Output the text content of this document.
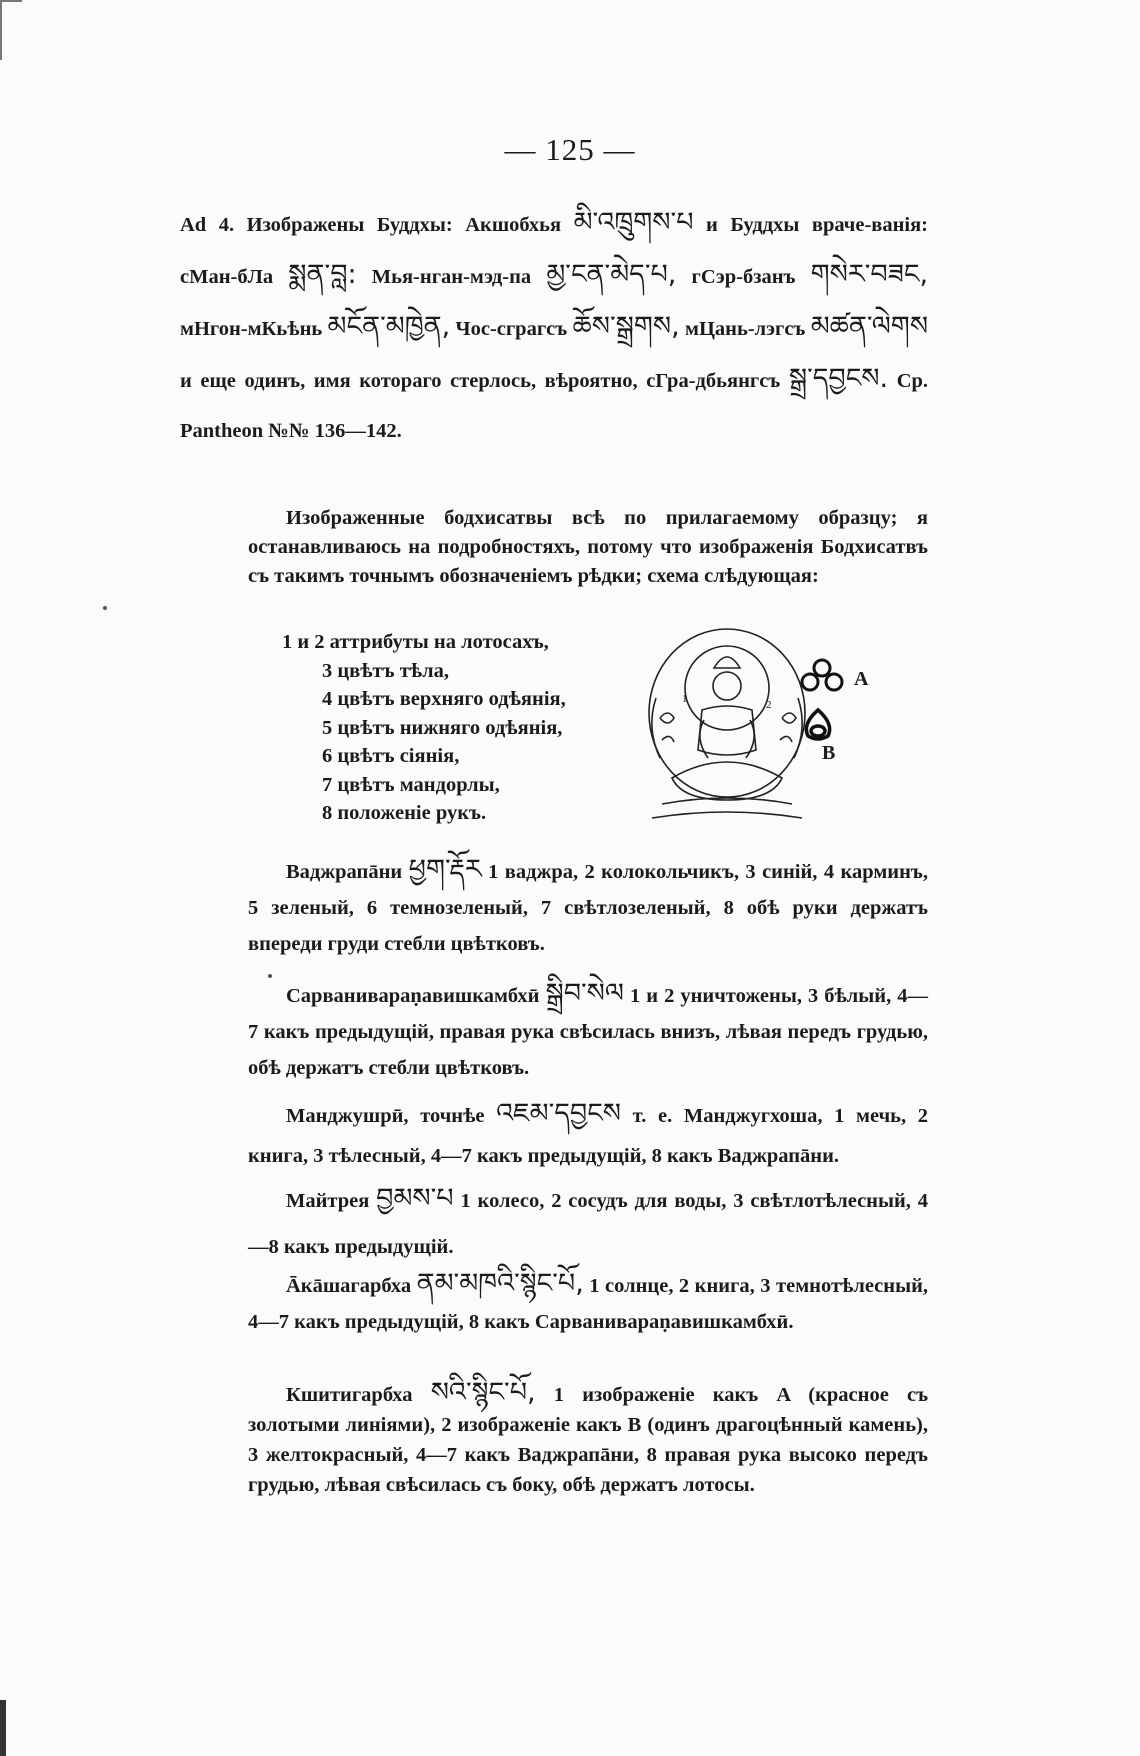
— 125 —

Ad 4. Изображены Буддхы: Акшобхья མི་འཁྲུགས་པ и Буддхы враче-ванія: сМан-бЛа སྨན་བླ: Мья-нган-мэд-па མྱ་ངན་མེད་པ, гСэр-бзанъ གསེར་བཟང, мНгон-мКьѣнь མངོན་མཁྱེན, Чос-сграгсъ ཆོས་སྒྲགས, мЦань-лэгсъ མཚན་ལེགས и еще одинъ, имя котораго стерлось, вѣроятно, сГра-дбьянгсъ སྒྲ་དབྱངས. Ср. Pantheon №№ 136—142.

Изображенные бодхисатвы всѣ по прилагаемому образцу; я останавливаюсь на подробностяхъ, потому что изображенія Бодхисатвъ съ такимъ точнымъ обозначеніемъ рѣдки; схема слѣдующая:

1 и 2 аттрибуты на лотосахъ,
3 цвѣтъ тѣла,
4 цвѣтъ верхняго одѣянія,
5 цвѣтъ нижняго одѣянія,
6 цвѣтъ сіянія,
7 цвѣтъ мандорлы,
8 положеніе рукъ.
1	2
A
B

Ваджрапāни ཕྱག་རྡོར 1 ваджра, 2 колокольчикъ, 3 синій, 4 карминъ, 5 зеленый, 6 темнозеленый, 7 свѣтлозеленый, 8 обѣ руки держатъ впереди груди стебли цвѣтковъ.

Сарванивараṇавишкамбхӣ སྒྲིབ་སེལ 1 и 2 уничтожены, 3 бѣлый, 4—7 какъ предыдущій, правая рука свѣсилась внизъ, лѣвая передъ грудью, обѣ держатъ стебли цвѣтковъ.

Манджушрӣ, точнѣе འཇམ་དབྱངས т. е. Манджугхоша, 1 мечь, 2 книга, 3 тѣлесный, 4—7 какъ предыдущій, 8 какъ Ваджрапāни.

Майтрея བྱམས་པ 1 колесо, 2 сосудъ для воды, 3 свѣтлотѣлесный, 4—8 какъ предыдущій.

Āкāшагарбха ནམ་མཁའི་སྙིང་པོ, 1 солнце, 2 книга, 3 темнотѣлесный, 4—7 какъ предыдущій, 8 какъ Сарванивараṇавишкамбхӣ.

Кшитигарбха སའི་སྙིང་པོ, 1 изображеніе какъ A (красное съ золотыми линіями), 2 изображеніе какъ B (одинъ драгоцѣнный камень), 3 желтокрасный, 4—7 какъ Ваджрапāни, 8 правая рука высоко передъ грудью, лѣвая свѣсилась съ боку, обѣ держатъ лотосы.
